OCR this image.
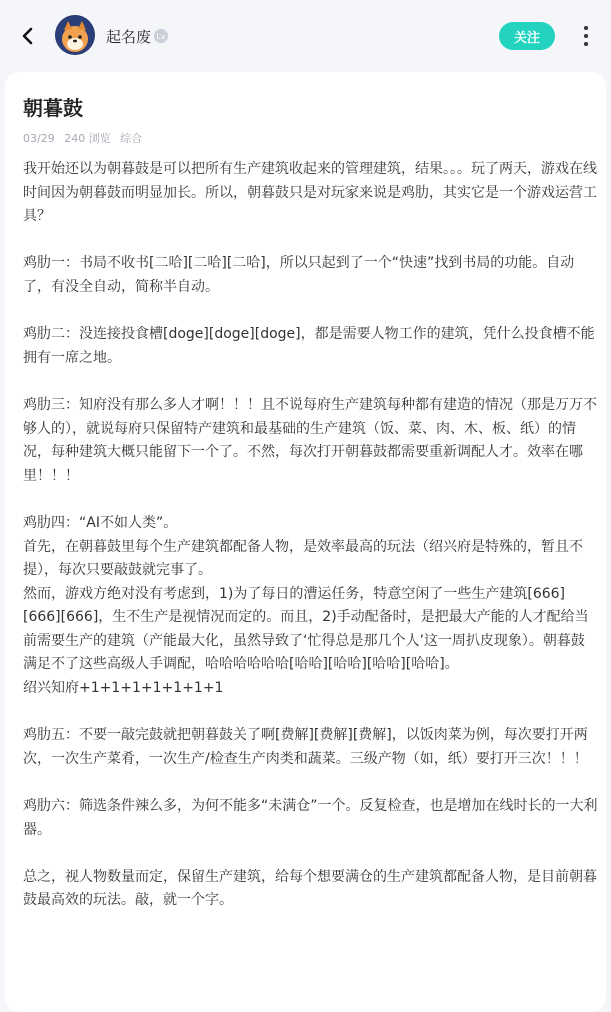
起名废 Lv	关注
朝暮鼓
03/29 240 浏览 综合

我开始还以为朝暮鼓是可以把所有生产建筑收起来的管理建筑，结果。。。玩了两天，游戏在线时间因为朝暮鼓而明显加长。所以，朝暮鼓只是对玩家来说是鸡肋，其实它是一个游戏运营工具？

鸡肋一：书局不收书[二哈][二哈][二哈]，所以只起到了一个“快速”找到书局的功能。自动了，有没全自动，简称半自动。

鸡肋二：没连接投食槽[doge][doge][doge]，都是需要人物工作的建筑，凭什么投食槽不能拥有一席之地。

鸡肋三：知府没有那么多人才啊！！！且不说每府生产建筑每种都有建造的情况（那是万万不够人的），就说每府只保留特产建筑和最基础的生产建筑（饭、菜、肉、木、板、纸）的情况，每种建筑大概只能留下一个了。不然，每次打开朝暮鼓都需要重新调配人才。效率在哪里！！！

鸡肋四：“AI不如人类”。

首先，在朝暮鼓里每个生产建筑都配备人物，是效率最高的玩法（绍兴府是特殊的，暂且不提），每次只要敲鼓就完事了。

然而，游戏方绝对没有考虑到，1)为了每日的漕运任务，特意空闲了一些生产建筑[666][666][666]，生不生产是视情况而定的。而且，2)手动配备时，是把最大产能的人才配给当前需要生产的建筑（产能最大化，虽然导致了‘忙得总是那几个人’这一周扒皮现象）。朝暮鼓满足不了这些高级人手调配，哈哈哈哈哈哈[哈哈][哈哈][哈哈][哈哈]。

绍兴知府+1+1+1+1+1+1+1

鸡肋五：不要一敲完鼓就把朝暮鼓关了啊[费解][费解][费解]，以饭肉菜为例，每次要打开两次，一次生产菜肴，一次生产/检查生产肉类和蔬菜。三级产物（如，纸）要打开三次！！！

鸡肋六：筛选条件辣么多，为何不能多“未满仓”一个。反复检查，也是增加在线时长的一大利器。

总之，视人物数量而定，保留生产建筑，给每个想要满仓的生产建筑都配备人物，是目前朝暮鼓最高效的玩法。敲，就一个字。
